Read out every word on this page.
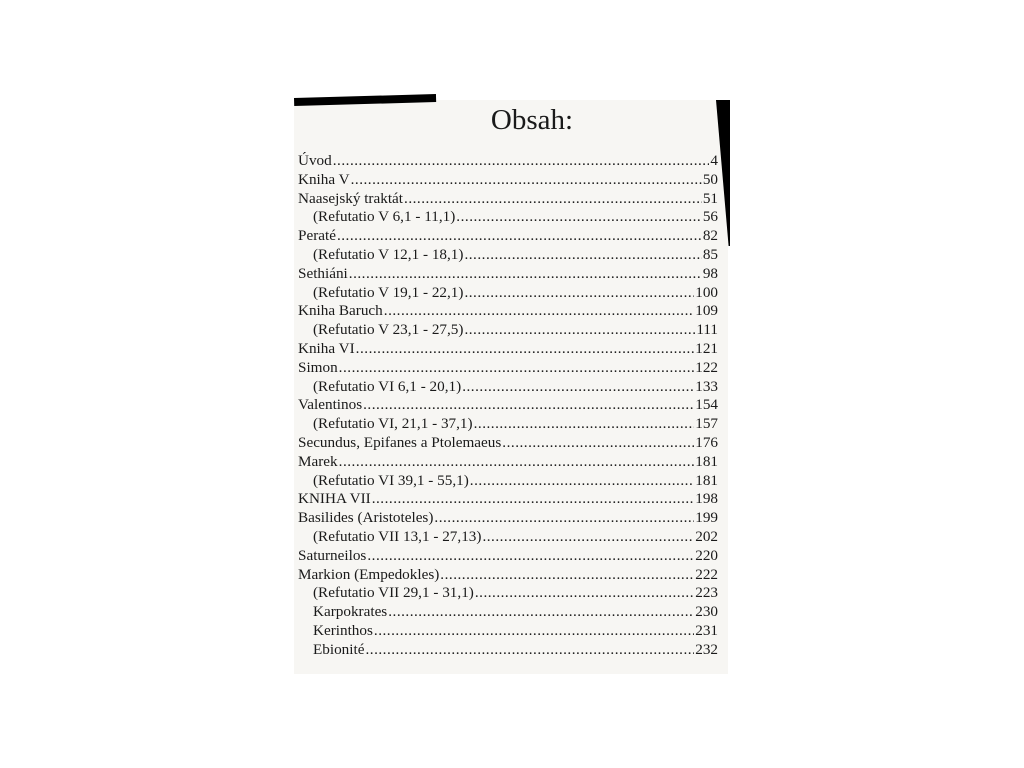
Obsah:
Úvod .....	4
Kniha V .....	50
Naasejský traktát .....	51
(Refutatio V 6,1 - 11,1) .....	56
Peraté .....	82
(Refutatio V 12,1 - 18,1) .....	85
Sethiáni .....	98
(Refutatio V 19,1 - 22,1) .....	100
Kniha Baruch .....	109
(Refutatio V 23,1 - 27,5) .....	111
Kniha VI .....	121
Simon .....	122
(Refutatio VI 6,1 - 20,1) .....	133
Valentinos .....	154
(Refutatio VI, 21,1 - 37,1) .....	157
Secundus, Epifanes a Ptolemaeus .....	176
Marek .....	181
(Refutatio VI 39,1 - 55,1) .....	181
KNIHA VII .....	198
Basilides (Aristoteles) .....	199
(Refutatio VII 13,1 - 27,13) .....	202
Saturneilos .....	220
Markion (Empedokles) .....	222
(Refutatio VII 29,1 - 31,1) .....	223
Karpokrates .....	230
Kerinthos .....	231
Ebionité .....	232
